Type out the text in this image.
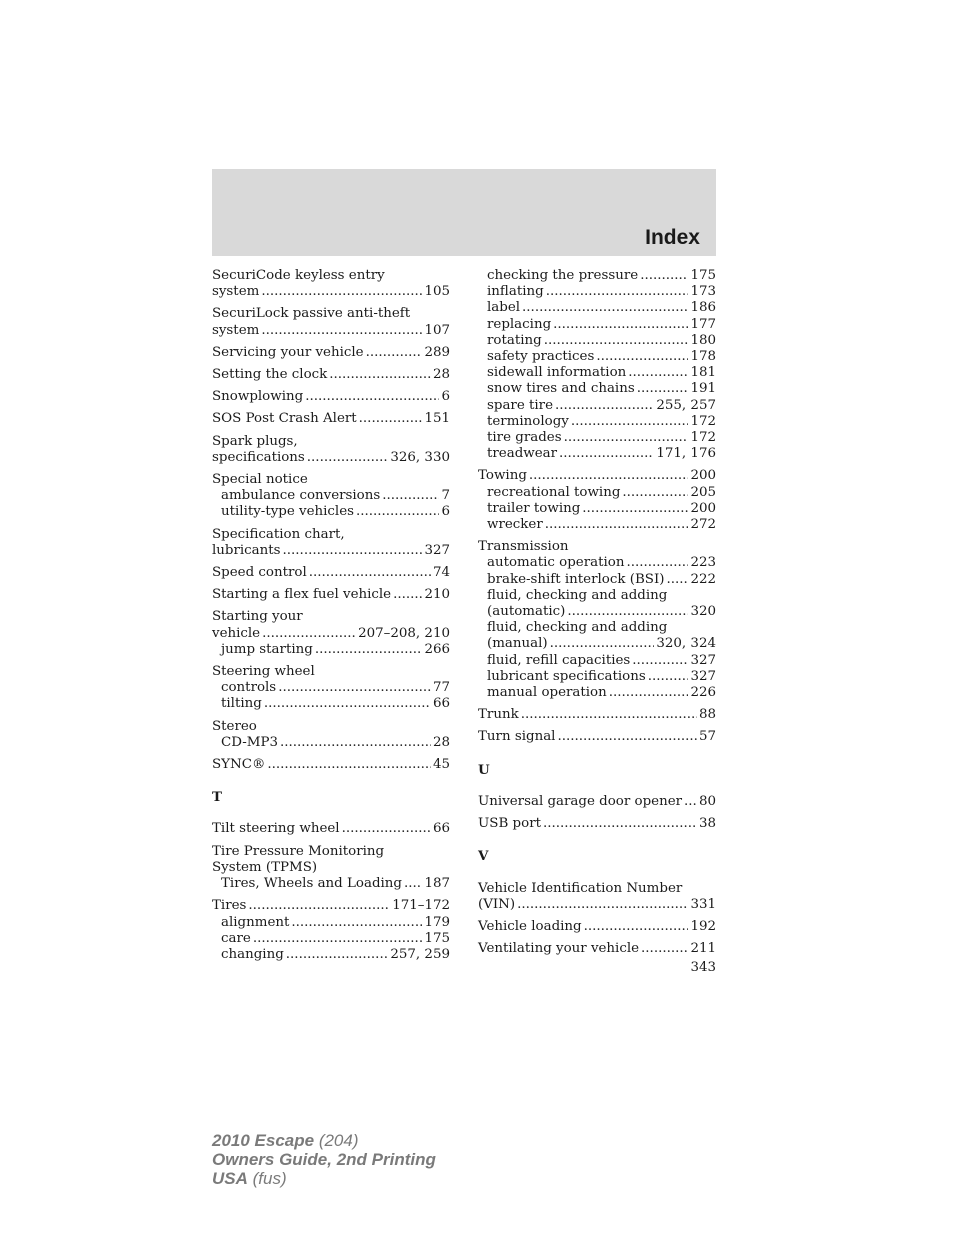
Index
SecuriCode keyless entry
system .....	105
SecuriLock passive anti-theft
system .....	107
Servicing your vehicle .....	289
Setting the clock .....	28
Snowplowing .....	6
SOS Post Crash Alert .....	151
Spark plugs,
specifications .....	326, 330
Special notice
ambulance conversions .....	7
utility-type vehicles .....	6
Specification chart,
lubricants .....	327
Speed control .....	74
Starting a flex fuel vehicle ..... 210
Starting your
vehicle .....	207–208, 210
jump starting .....	266
Steering wheel
controls .....	77
tilting .....	66
Stereo
CD-MP3 .....	28
SYNC® .....	45
T
Tilt steering wheel .....	66
Tire Pressure Monitoring
System (TPMS)
Tires, Wheels and Loading ..... 187
Tires .....	171–172
alignment .....	179
care .....	175
changing .....	257, 259
checking the pressure .....	175
inflating .....	173
label .....	186
replacing .....	177
rotating .....	180
safety practices .....	178
sidewall information .....	181
snow tires and chains .....	191
spare tire .....	255, 257
terminology .....	172
tire grades .....	172
treadwear .....	171, 176
Towing .....	200
recreational towing .....	205
trailer towing .....	200
wrecker .....	272
Transmission
automatic operation .....	223
brake-shift interlock (BSI) ..... 222
fluid, checking and adding
(automatic) .....	320
fluid, checking and adding
(manual) .....	320, 324
fluid, refill capacities .....	327
lubricant specifications .....	327
manual operation .....	226
Trunk .....	88
Turn signal .....	57
U
Universal garage door opener ..... 80
USB port .....	38
V
Vehicle Identification Number
(VIN) .....	331
Vehicle loading .....	192
Ventilating your vehicle .....	211
343
2010 Escape (204)
Owners Guide, 2nd Printing
USA (fus)
